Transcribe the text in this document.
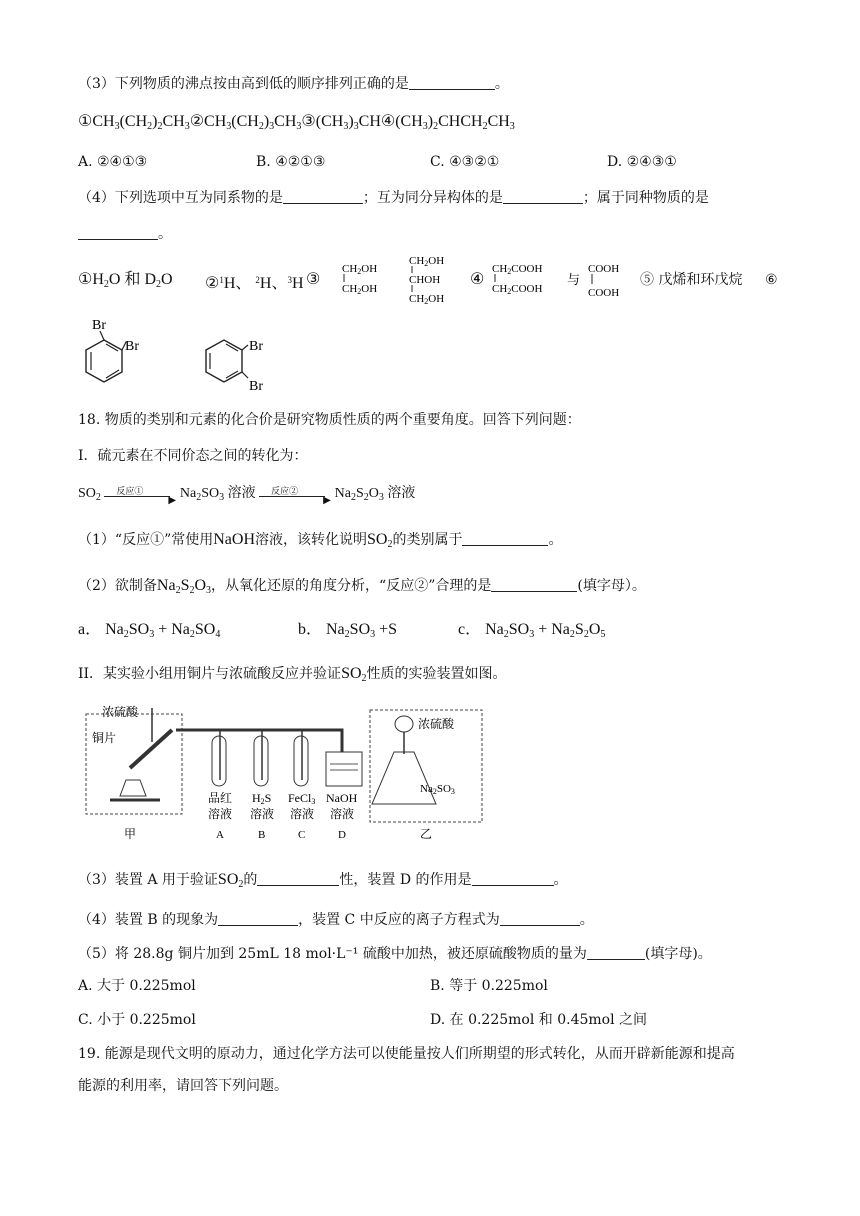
（3）下列物质的沸点按由高到低的顺序排列正确的是	。
$①CH_3(CH_2)_2CH_3②CH_3(CH_2)_3CH_3③(CH_3)_3CH④(CH_3)_2CHCH_2CH_3$
A. ②④①③	B. ④②①③	C. ④③②①	D. ②④③①
（4）下列选项中互为同系物的是	；互为同分异构体的是	；属于同种物质的是
。
$①H_2O$ 和 $D_2O$ ②$^1$H、 $^2$H、$^3$H ③
CH2OH
CH2OH
CH2OH
CHOH
CH2OH
④
CH2COOH
CH2COOH
与
COOH
COOH
⑤ 戊烯和环戊烷 ⑥
Br
Br	Br
Br
18. 物质的类别和元素的化合价是研究物质性质的两个重要角度。回答下列问题：
I．硫元素在不同价态之间的转化为：
$SO_2$
反应①
▶ $Na_2SO_3$ 溶液 反应②
▶ $Na_2S_2O_3$ 溶液
（1）“反应①”常使用NaOH溶液，该转化说明$SO_2$的类别属于	。
（2）欲制备$Na_2S_2O_3$，从氧化还原的角度分析，“反应②”合理的是	(填字母）。
a． $Na_2SO_3 + Na_2SO_4$	b． $Na_2SO_3 +S$	c． $Na_2SO_3 + Na_2S_2O_5$
II．某实验小组用铜片与浓硫酸反应并验证$SO_2$性质的实验装置如图。
浓硫酸
铜片
甲
品红
溶液
A
H2S
溶液
B
FeCl3
溶液
C
NaOH
溶液
D
浓硫酸
Na2SO3
乙
（3）装置 A 用于验证$SO_2$的	性，装置 D 的作用是	。
（4）装置 B 的现象为	，装置 C 中反应的离子方程式为	。
（5）将 28.8g 铜片加到 25mL 18 mol·L⁻¹ 硫酸中加热，被还原硫酸物质的量为	(填字母)。
A. 大于 0.225mol	B. 等于 0.225mol
C. 小于 0.225mol	D. 在 0.225mol 和 0.45mol 之间
19. 能源是现代文明的原动力，通过化学方法可以使能量按人们所期望的形式转化，从而开辟新能源和提高
能源的利用率，请回答下列问题。
